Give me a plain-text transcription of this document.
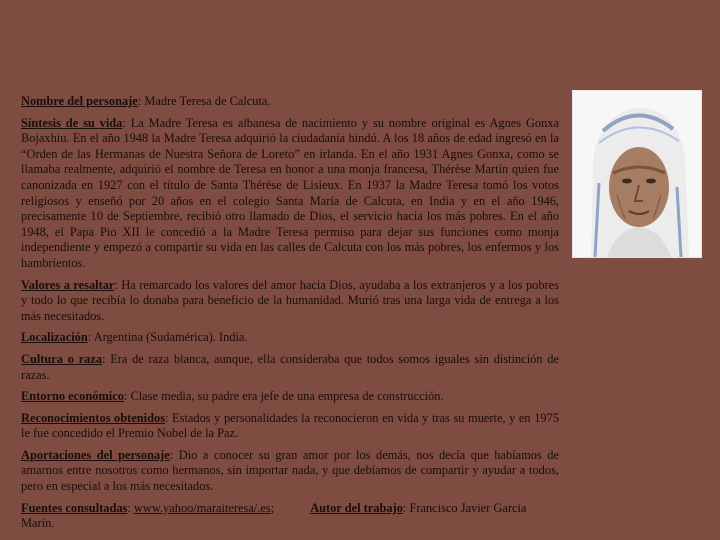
Nombre del personaje: Madre Teresa de Calcuta.

Síntesis de su vida: La Madre Teresa es albanesa de nacimiento y su nombre original es Agnes Gonxa Bojaxhiu. En el año 1948 la Madre Teresa adquirió la ciudadanía hindú. A los 18 años de edad ingresó en la “Orden de las Hermanas de Nuestra Señora de Loreto” en irlanda. En el año 1931 Agnes Gonxa, como se llamaba realmente, adquirió el nombre de Teresa en honor a una monja francesa, Thérèse Martín quien fue canonizada en 1927 con el título de Santa Thérèse de Lisieux. En 1937 la Madre Teresa tomó los votos religiosos y enseñó por 20 años en el colegio Santa María de Calcuta, en India y en el año 1946, precisamente 10 de Septiembre, recibió otro llamado de Dios, el servicio hacia los más pobres. En el año 1948, el Papa Pio XII le concedió a la Madre Teresa permiso para dejar sus funciones como monja independiente y empezó a compartir su vida en las calles de Calcuta con los más pobres, los enfermos y los hambrientos.

Valores a resaltar: Ha remarcado los valores del amor hacia Dios, ayudaba a los extranjeros y a los pobres y todo lo que recibía lo donaba para beneficio de la humanidad. Murió tras una larga vida de entrega a los más necesitados.

Localización: Argentina (Sudamérica). India.

Cultura o raza: Era de raza blanca, aunque, ella consideraba que todos somos iguales sin distinción de razas.

Entorno económico: Clase media, su padre era jefe de una empresa de construcción.

Reconocimientos obtenidos: Estados y personalidades la reconocieron en vida y tras su muerte, y en 1975 le fue concedido el Premio Nobel de la Paz.

Aportaciones del personaje: Dio a conocer su gran amor por los demás, nos decía que habíamos de amarnos entre nosotros como hermanos, sin importar nada, y que debíamos de compartir y ayudar a todos, pero en especial a los más necesitados.

Fuentes consultadas: www.yahoo/maraiteresa/.es;	Autor del trabajo: Francisco Javier García Marín.
